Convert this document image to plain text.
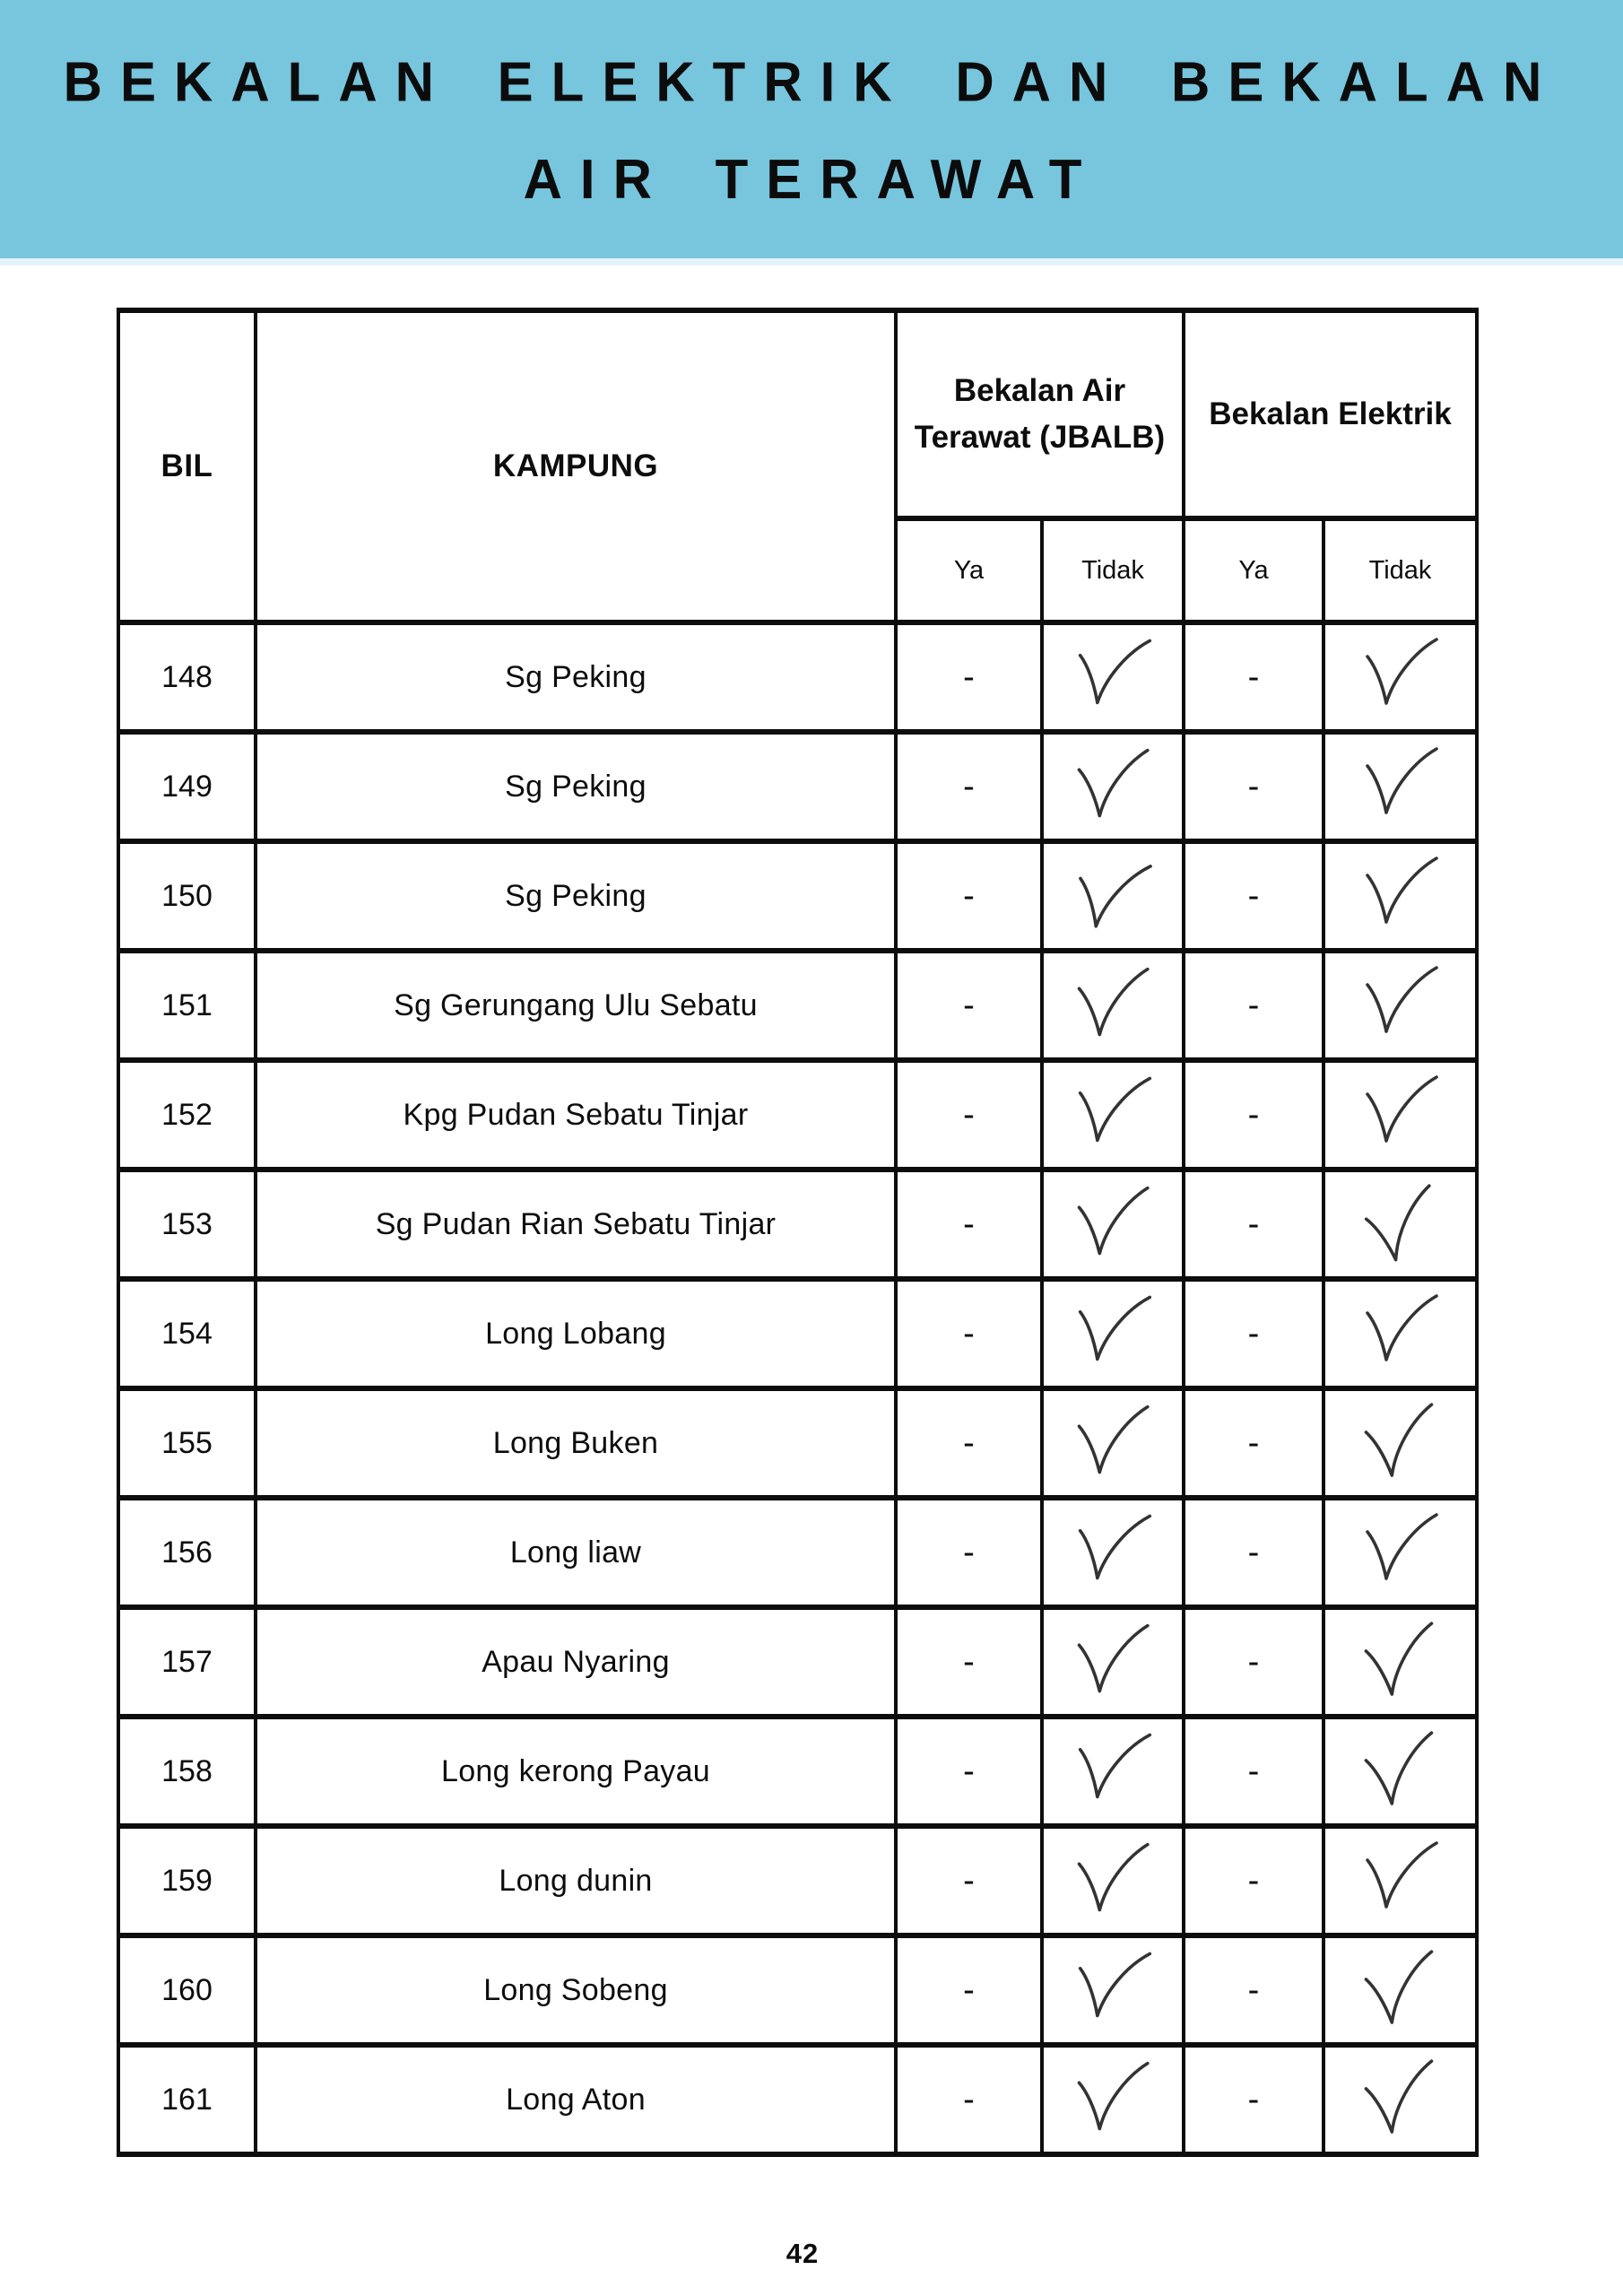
BEKALAN ELEKTRIK DAN BEKALAN
AIR TERAWAT
BIL	KAMPUNG	Bekalan Air Terawat (JBALB)		Bekalan Elektrik	
		Ya	Tidak	Ya	Tidak
148	Sg Peking	-		-	

149	Sg Peking	-		-	

150	Sg Peking	-		-	

151	Sg Gerungang Ulu Sebatu	-		-	

152	Kpg Pudan Sebatu Tinjar	-		-	

153	Sg Pudan Rian Sebatu Tinjar	-		-	

154	Long Lobang	-		-	

155	Long Buken	-		-	

156	Long liaw	-		-	

157	Apau Nyaring	-		-	

158	Long kerong Payau	-		-	

159	Long dunin	-		-	

160	Long Sobeng	-		-	

161	Long Aton	-		-	
42
